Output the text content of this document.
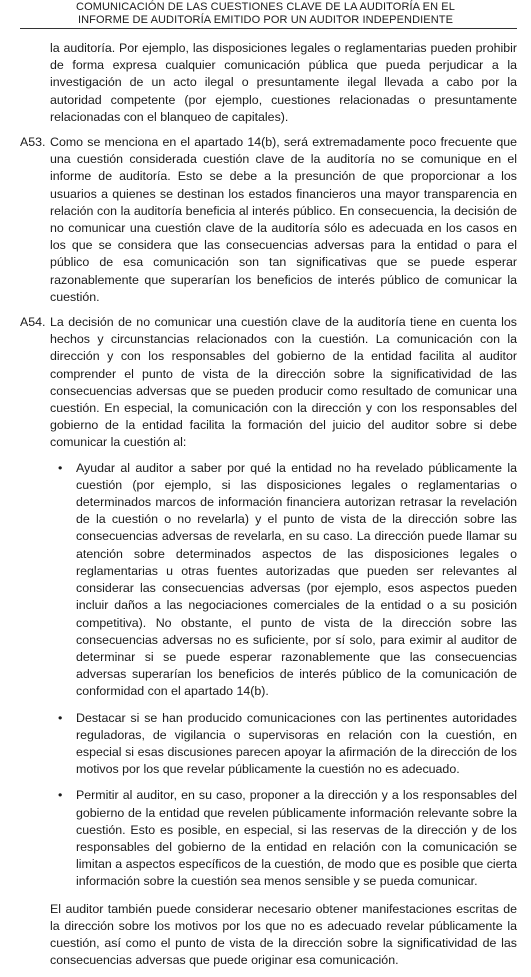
COMUNICACIÓN DE LAS CUESTIONES CLAVE DE LA AUDITORÍA EN EL
INFORME DE AUDITORÍA EMITIDO POR UN AUDITOR INDEPENDIENTE

la auditoría. Por ejemplo, las disposiciones legales o reglamentarias pueden prohibir de forma expresa cualquier comunicación pública que pueda perjudicar a la investigación de un acto ilegal o presuntamente ilegal llevada a cabo por la autoridad competente (por ejemplo, cuestiones relacionadas o presuntamente relacionadas con el blanqueo de capitales).

A53. Como se menciona en el apartado 14(b), será extremadamente poco frecuente que una cuestión considerada cuestión clave de la auditoría no se comunique en el informe de auditoría. Esto se debe a la presunción de que proporcionar a los usuarios a quienes se destinan los estados financieros una mayor transparencia en relación con la auditoría beneficia al interés público. En consecuencia, la decisión de no comunicar una cuestión clave de la auditoría sólo es adecuada en los casos en los que se considera que las consecuencias adversas para la entidad o para el público de esa comunicación son tan significativas que se puede esperar razonablemente que superarían los beneficios de interés público de comunicar la cuestión.

A54. La decisión de no comunicar una cuestión clave de la auditoría tiene en cuenta los hechos y circunstancias relacionados con la cuestión. La comunicación con la dirección y con los responsables del gobierno de la entidad facilita al auditor comprender el punto de vista de la dirección sobre la significatividad de las consecuencias adversas que se pueden producir como resultado de comunicar una cuestión. En especial, la comunicación con la dirección y con los responsables del gobierno de la entidad facilita la formación del juicio del auditor sobre si debe comunicar la cuestión al:

•

Ayudar al auditor a saber por qué la entidad no ha revelado públicamente la cuestión (por ejemplo, si las disposiciones legales o reglamentarias o determinados marcos de información financiera autorizan retrasar la revelación de la cuestión o no revelarla) y el punto de vista de la dirección sobre las consecuencias adversas de revelarla, en su caso. La dirección puede llamar su atención sobre determinados aspectos de las disposiciones legales o reglamentarias u otras fuentes autorizadas que pueden ser relevantes al considerar las consecuencias adversas (por ejemplo, esos aspectos pueden incluir daños a las negociaciones comerciales de la entidad o a su posición competitiva). No obstante, el punto de vista de la dirección sobre las consecuencias adversas no es suficiente, por sí solo, para eximir al auditor de determinar si se puede esperar razonablemente que las consecuencias adversas superarían los beneficios de interés público de la comunicación de conformidad con el apartado 14(b).

•

Destacar si se han producido comunicaciones con las pertinentes autoridades reguladoras, de vigilancia o supervisoras en relación con la cuestión, en especial si esas discusiones parecen apoyar la afirmación de la dirección de los motivos por los que revelar públicamente la cuestión no es adecuado.

•

Permitir al auditor, en su caso, proponer a la dirección y a los responsables del gobierno de la entidad que revelen públicamente información relevante sobre la cuestión. Esto es posible, en especial, si las reservas de la dirección y de los responsables del gobierno de la entidad en relación con la comunicación se limitan a aspectos específicos de la cuestión, de modo que es posible que cierta información sobre la cuestión sea menos sensible y se pueda comunicar.

El auditor también puede considerar necesario obtener manifestaciones escritas de la dirección sobre los motivos por los que no es adecuado revelar públicamente la cuestión, así como el punto de vista de la dirección sobre la significatividad de las consecuencias adversas que puede originar esa comunicación.
